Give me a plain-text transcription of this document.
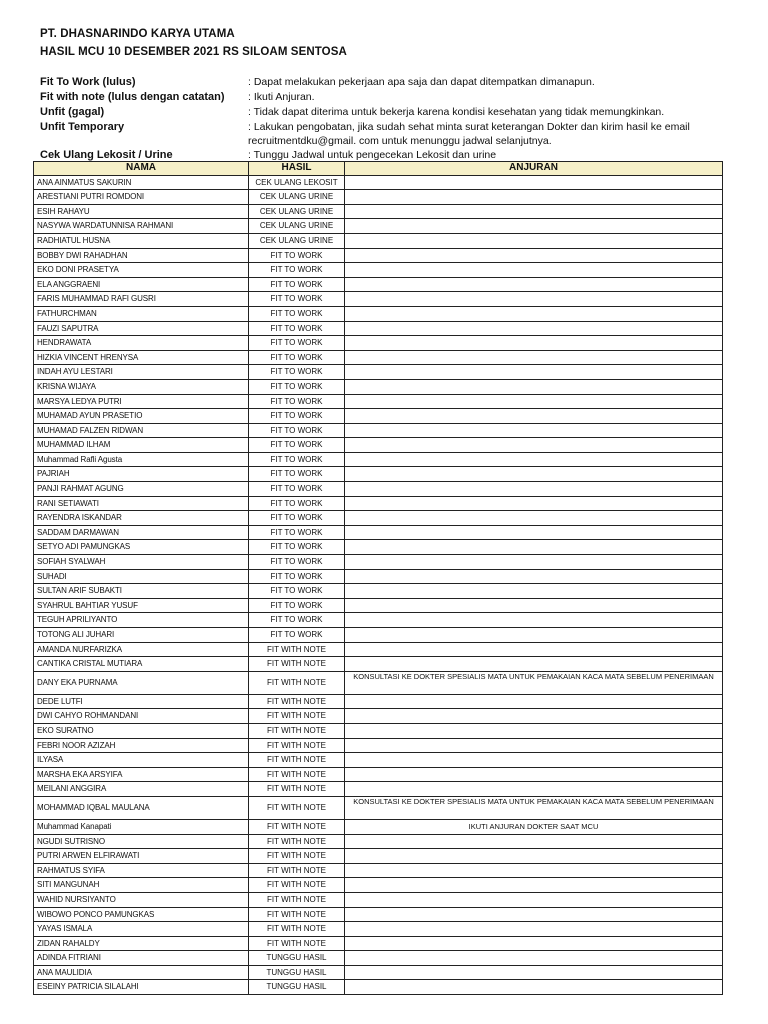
PT. DHASNARINDO KARYA UTAMA
HASIL MCU 10 DESEMBER 2021 RS SILOAM SENTOSA
Fit To Work (lulus)	: Dapat melakukan pekerjaan apa saja dan dapat ditempatkan dimanapun.
Fit with note (lulus dengan catatan) : Ikuti Anjuran.
Unfit (gagal)	: Tidak dapat diterima untuk bekerja karena kondisi kesehatan yang tidak memungkinkan.
Unfit Temporary	: Lakukan pengobatan, jika sudah sehat minta surat keterangan Dokter dan kirim hasil ke email
recruitmentdku@gmail. com untuk menunggu jadwal selanjutnya.
Cek Ulang Lekosit / Urine	: Tunggu Jadwal untuk pengecekan Lekosit dan urine
NAMA	HASIL	ANJURAN
ANA AINMATUS SAKURIN	CEK ULANG LEKOSIT	
ARESTIANI PUTRI ROMDONI	CEK ULANG URINE	
ESIH RAHAYU	CEK ULANG URINE	
NASYWA WARDATUNNISA RAHMANI	CEK ULANG URINE	
RADHIATUL HUSNA	CEK ULANG URINE	
BOBBY DWI RAHADHAN	FIT TO WORK	
EKO DONI PRASETYA	FIT TO WORK	
ELA ANGGRAENI	FIT TO WORK	
FARIS MUHAMMAD RAFI GUSRI	FIT TO WORK	
FATHURCHMAN	FIT TO WORK	
FAUZI SAPUTRA	FIT TO WORK	
HENDRAWATA	FIT TO WORK	
HIZKIA VINCENT HRENYSA	FIT TO WORK	
INDAH AYU LESTARI	FIT TO WORK	
KRISNA WIJAYA	FIT TO WORK	
MARSYA LEDYA PUTRI	FIT TO WORK	
MUHAMAD AYUN PRASETIO	FIT TO WORK	
MUHAMAD FALZEN RIDWAN	FIT TO WORK	
MUHAMMAD ILHAM	FIT TO WORK	
Muhammad Rafli Agusta	FIT TO WORK	
PAJRIAH	FIT TO WORK	
PANJI RAHMAT AGUNG	FIT TO WORK	
RANI SETIAWATI	FIT TO WORK	
RAYENDRA ISKANDAR	FIT TO WORK	
SADDAM DARMAWAN	FIT TO WORK	
SETYO ADI PAMUNGKAS	FIT TO WORK	
SOFIAH SYALWAH	FIT TO WORK	
SUHADI	FIT TO WORK	
SULTAN ARIF SUBAKTI	FIT TO WORK	
SYAHRUL BAHTIAR YUSUF	FIT TO WORK	
TEGUH APRILIYANTO	FIT TO WORK	
TOTONG ALI JUHARI	FIT TO WORK	
AMANDA NURFARIZKA	FIT WITH NOTE	
CANTIKA CRISTAL MUTIARA	FIT WITH NOTE	
DANY EKA PURNAMA	FIT WITH NOTE	KONSULTASI KE DOKTER SPESIALIS MATA UNTUK PEMAKAIAN KACA MATA SEBELUM PENERIMAAN
DEDE LUTFI	FIT WITH NOTE	
DWI CAHYO ROHMANDANI	FIT WITH NOTE	
EKO SURATNO	FIT WITH NOTE	
FEBRI NOOR AZIZAH	FIT WITH NOTE	
ILYASA	FIT WITH NOTE	
MARSHA EKA ARSYIFA	FIT WITH NOTE	
MEILANI ANGGIRA	FIT WITH NOTE	
MOHAMMAD IQBAL MAULANA	FIT WITH NOTE	KONSULTASI KE DOKTER SPESIALIS MATA UNTUK PEMAKAIAN KACA MATA SEBELUM PENERIMAAN
Muhammad Kanapati	FIT WITH NOTE	IKUTI ANJURAN DOKTER SAAT MCU
NGUDI SUTRISNO	FIT WITH NOTE	
PUTRI ARWEN ELFIRAWATI	FIT WITH NOTE	
RAHMATUS SYIFA	FIT WITH NOTE	
SITI MANGUNAH	FIT WITH NOTE	
WAHID NURSIYANTO	FIT WITH NOTE	
WIBOWO PONCO PAMUNGKAS	FIT WITH NOTE	
YAYAS ISMALA	FIT WITH NOTE	
ZIDAN RAHALDY	FIT WITH NOTE	
ADINDA FITRIANI	TUNGGU HASIL	
ANA MAULIDIA	TUNGGU HASIL	
ESEINY PATRICIA SILALAHI	TUNGGU HASIL	
